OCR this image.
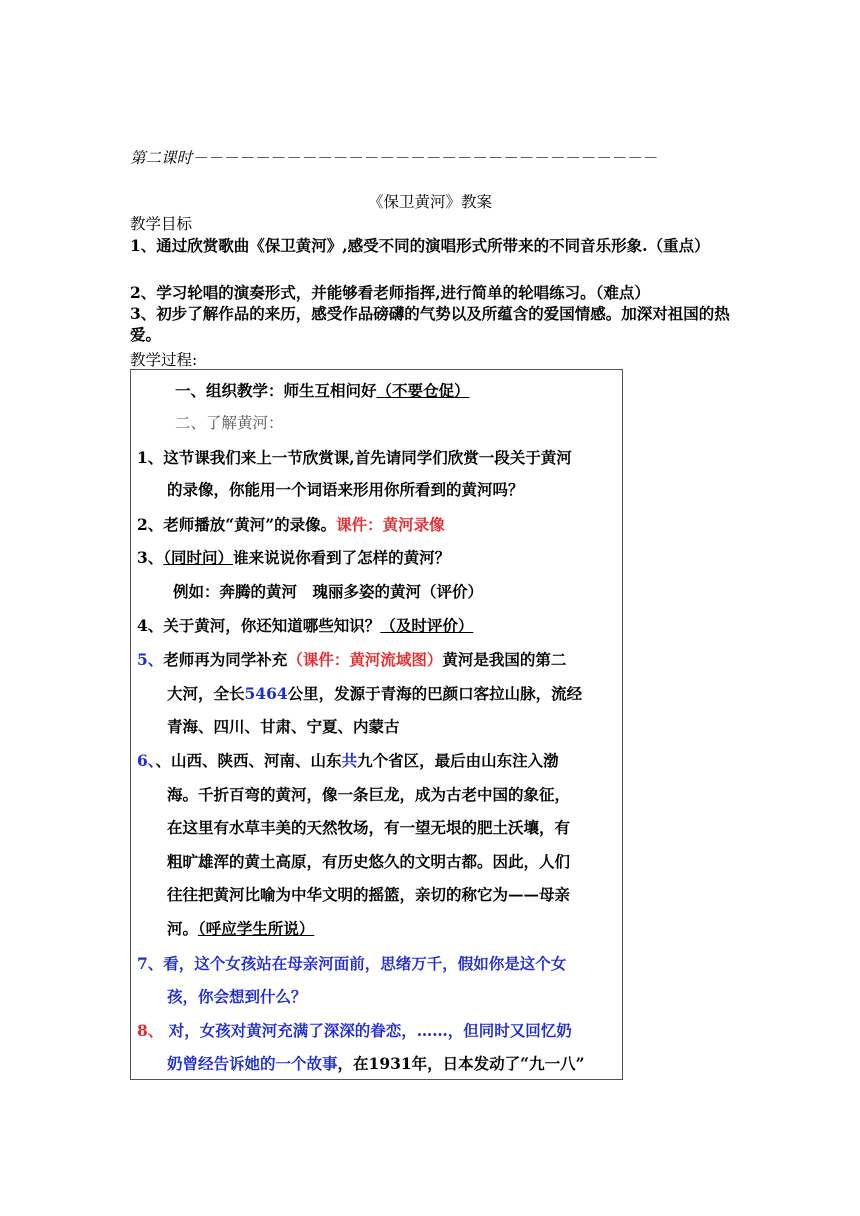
第二课时－－－－－－－－－－－－－－－－－－－－－－－－－－－－－－
《保卫黄河》教案
教学目标
1、通过欣赏歌曲《保卫黄河》,感受不同的演唱形式所带来的不同音乐形象.（重点）
2、学习轮唱的演奏形式，并能够看老师指挥,进行简单的轮唱练习。（难点）
3、初步了解作品的来历，感受作品磅礴的气势以及所蕴含的爱国情感。加深对祖国的热爱。
教学过程:
一、组织教学：师生互相问好（不要仓促）
二、了解黄河：
1、这节课我们来上一节欣赏课,首先请同学们欣赏一段关于黄河
的录像，你能用一个词语来形用你所看到的黄河吗？
2、老师播放“黄河”的录像。课件：黄河录像
3、（同时问）谁来说说你看到了怎样的黄河？
例如：奔腾的黄河　瑰丽多姿的黄河（评价）
4、关于黄河，你还知道哪些知识？（及时评价）
5、老师再为同学补充（课件：黄河流域图）黄河是我国的第二
大河，全长5464公里，发源于青海的巴颜口客拉山脉，流经
青海、四川、甘肃、宁夏、内蒙古
6、、山西、陕西、河南、山东共九个省区，最后由山东注入渤
海。千折百弯的黄河，像一条巨龙，成为古老中国的象征，
在这里有水草丰美的天然牧场，有一望无垠的肥土沃壤，有
粗旷雄浑的黄土高原，有历史悠久的文明古都。因此，人们
往往把黄河比喻为中华文明的摇篮，亲切的称它为——母亲
河。（呼应学生所说）
7、看，这个女孩站在母亲河面前，思绪万千，假如你是这个女
孩，你会想到什么？
8、 对，女孩对黄河充满了深深的眷恋，……，但同时又回忆奶
奶曾经告诉她的一个故事，在1931年，日本发动了“九一八”
